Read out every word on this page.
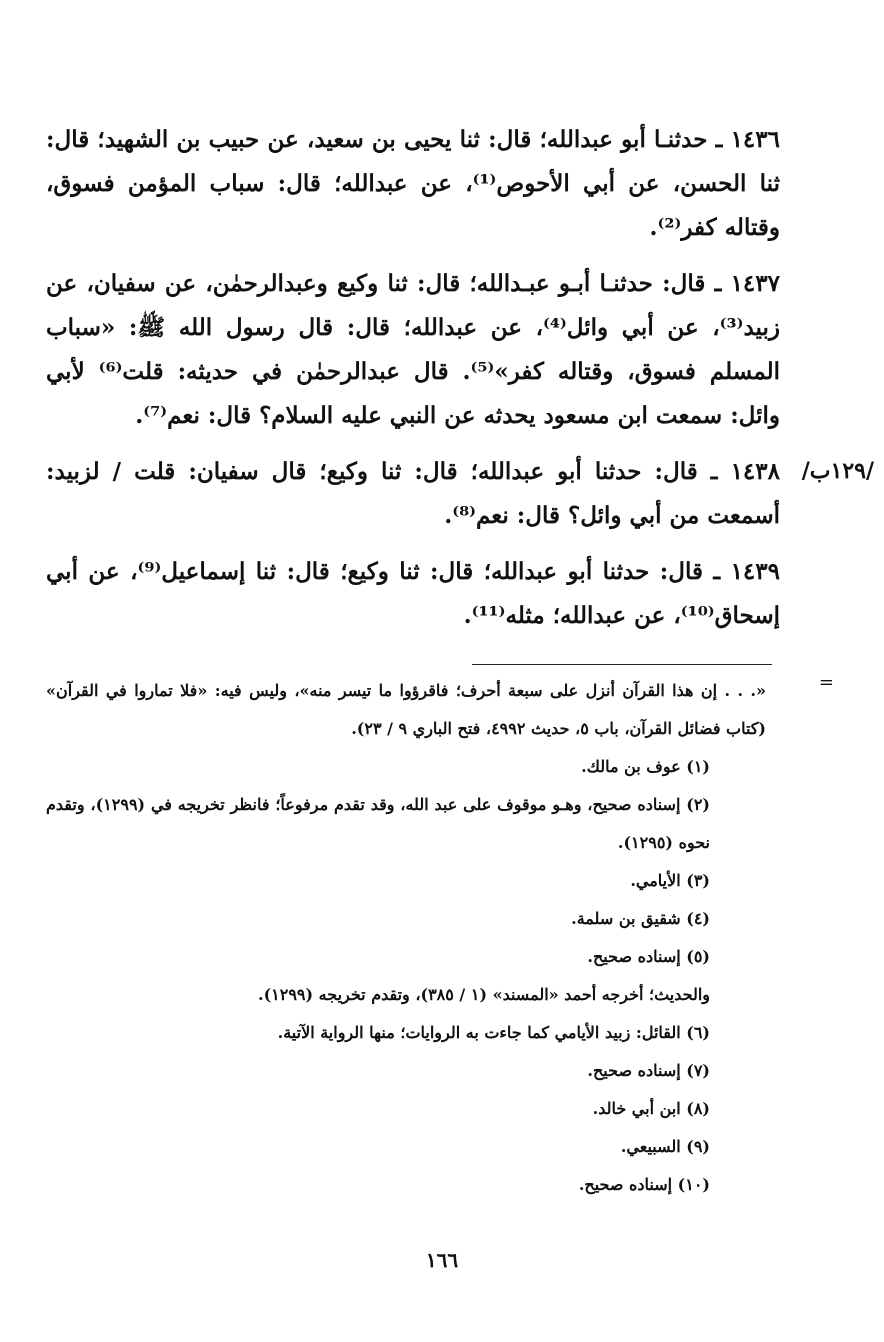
١٤٣٦ ـ حدثنـا أبو عبدالله؛ قال: ثنا يحيى بن سعيد، عن حبيب بن الشهيد؛ قال: ثنا الحسن، عن أبي الأحوص⁽¹⁾، عن عبدالله؛ قال: سباب المؤمن فسوق، وقتاله كفر⁽²⁾.

١٤٣٧ ـ قال: حدثنـا أبـو عبـدالله؛ قال: ثنا وكيع وعبدالرحمٰن، عن سفيان، عن زبيد⁽³⁾، عن أبي وائل⁽⁴⁾، عن عبدالله؛ قال: قال رسول الله ﷺ: «سباب المسلم فسوق، وقتاله كفر»⁽⁵⁾. قال عبدالرحمٰن في حديثه: قلت⁽⁶⁾ لأبي وائل: سمعت ابن مسعود يحدثه عن النبي عليه السلام؟ قال: نعم⁽⁷⁾.

١٤٣٨ ـ قال: حدثنا أبو عبدالله؛ قال: ثنا وكيع؛ قال سفيان: قلت / لزبيد: أسمعت من أبي وائل؟ قال: نعم⁽⁸⁾.

١٤٣٩ ـ قال: حدثنا أبو عبدالله؛ قال: ثنا وكيع؛ قال: ثنا إسماعيل⁽⁹⁾، عن أبي إسحاق⁽¹⁰⁾، عن عبدالله؛ مثله⁽¹¹⁾.

/١٢٩ب/
=

«. . . إن هذا القرآن أنزل على سبعة أحرف؛ فاقرؤوا ما تيسر منه»، وليس فيه: «فلا تماروا في القرآن» (كتاب فضائل القرآن، باب ٥، حديث ٤٩٩٢، فتح الباري ٩ / ٢٣).

(١) عوف بن مالك.

(٢) إسناده صحيح، وهـو موقوف على عبد الله، وقد تقدم مرفوعاً؛ فانظر تخريجه في (١٢٩٩)، وتقدم نحوه (١٢٩٥).

(٣) الأيامي.

(٤) شقيق بن سلمة.

(٥) إسناده صحيح.

والحديث؛ أخرجه أحمد «المسند» (١ / ٣٨٥)، وتقدم تخريجه (١٢٩٩).

(٦) القائل: زبيد الأيامي كما جاءت به الروايات؛ منها الرواية الآتية.

(٧) إسناده صحيح.

(٨) ابن أبي خالد.

(٩) السبيعي.

(١٠) إسناده صحيح.

١٦٦
